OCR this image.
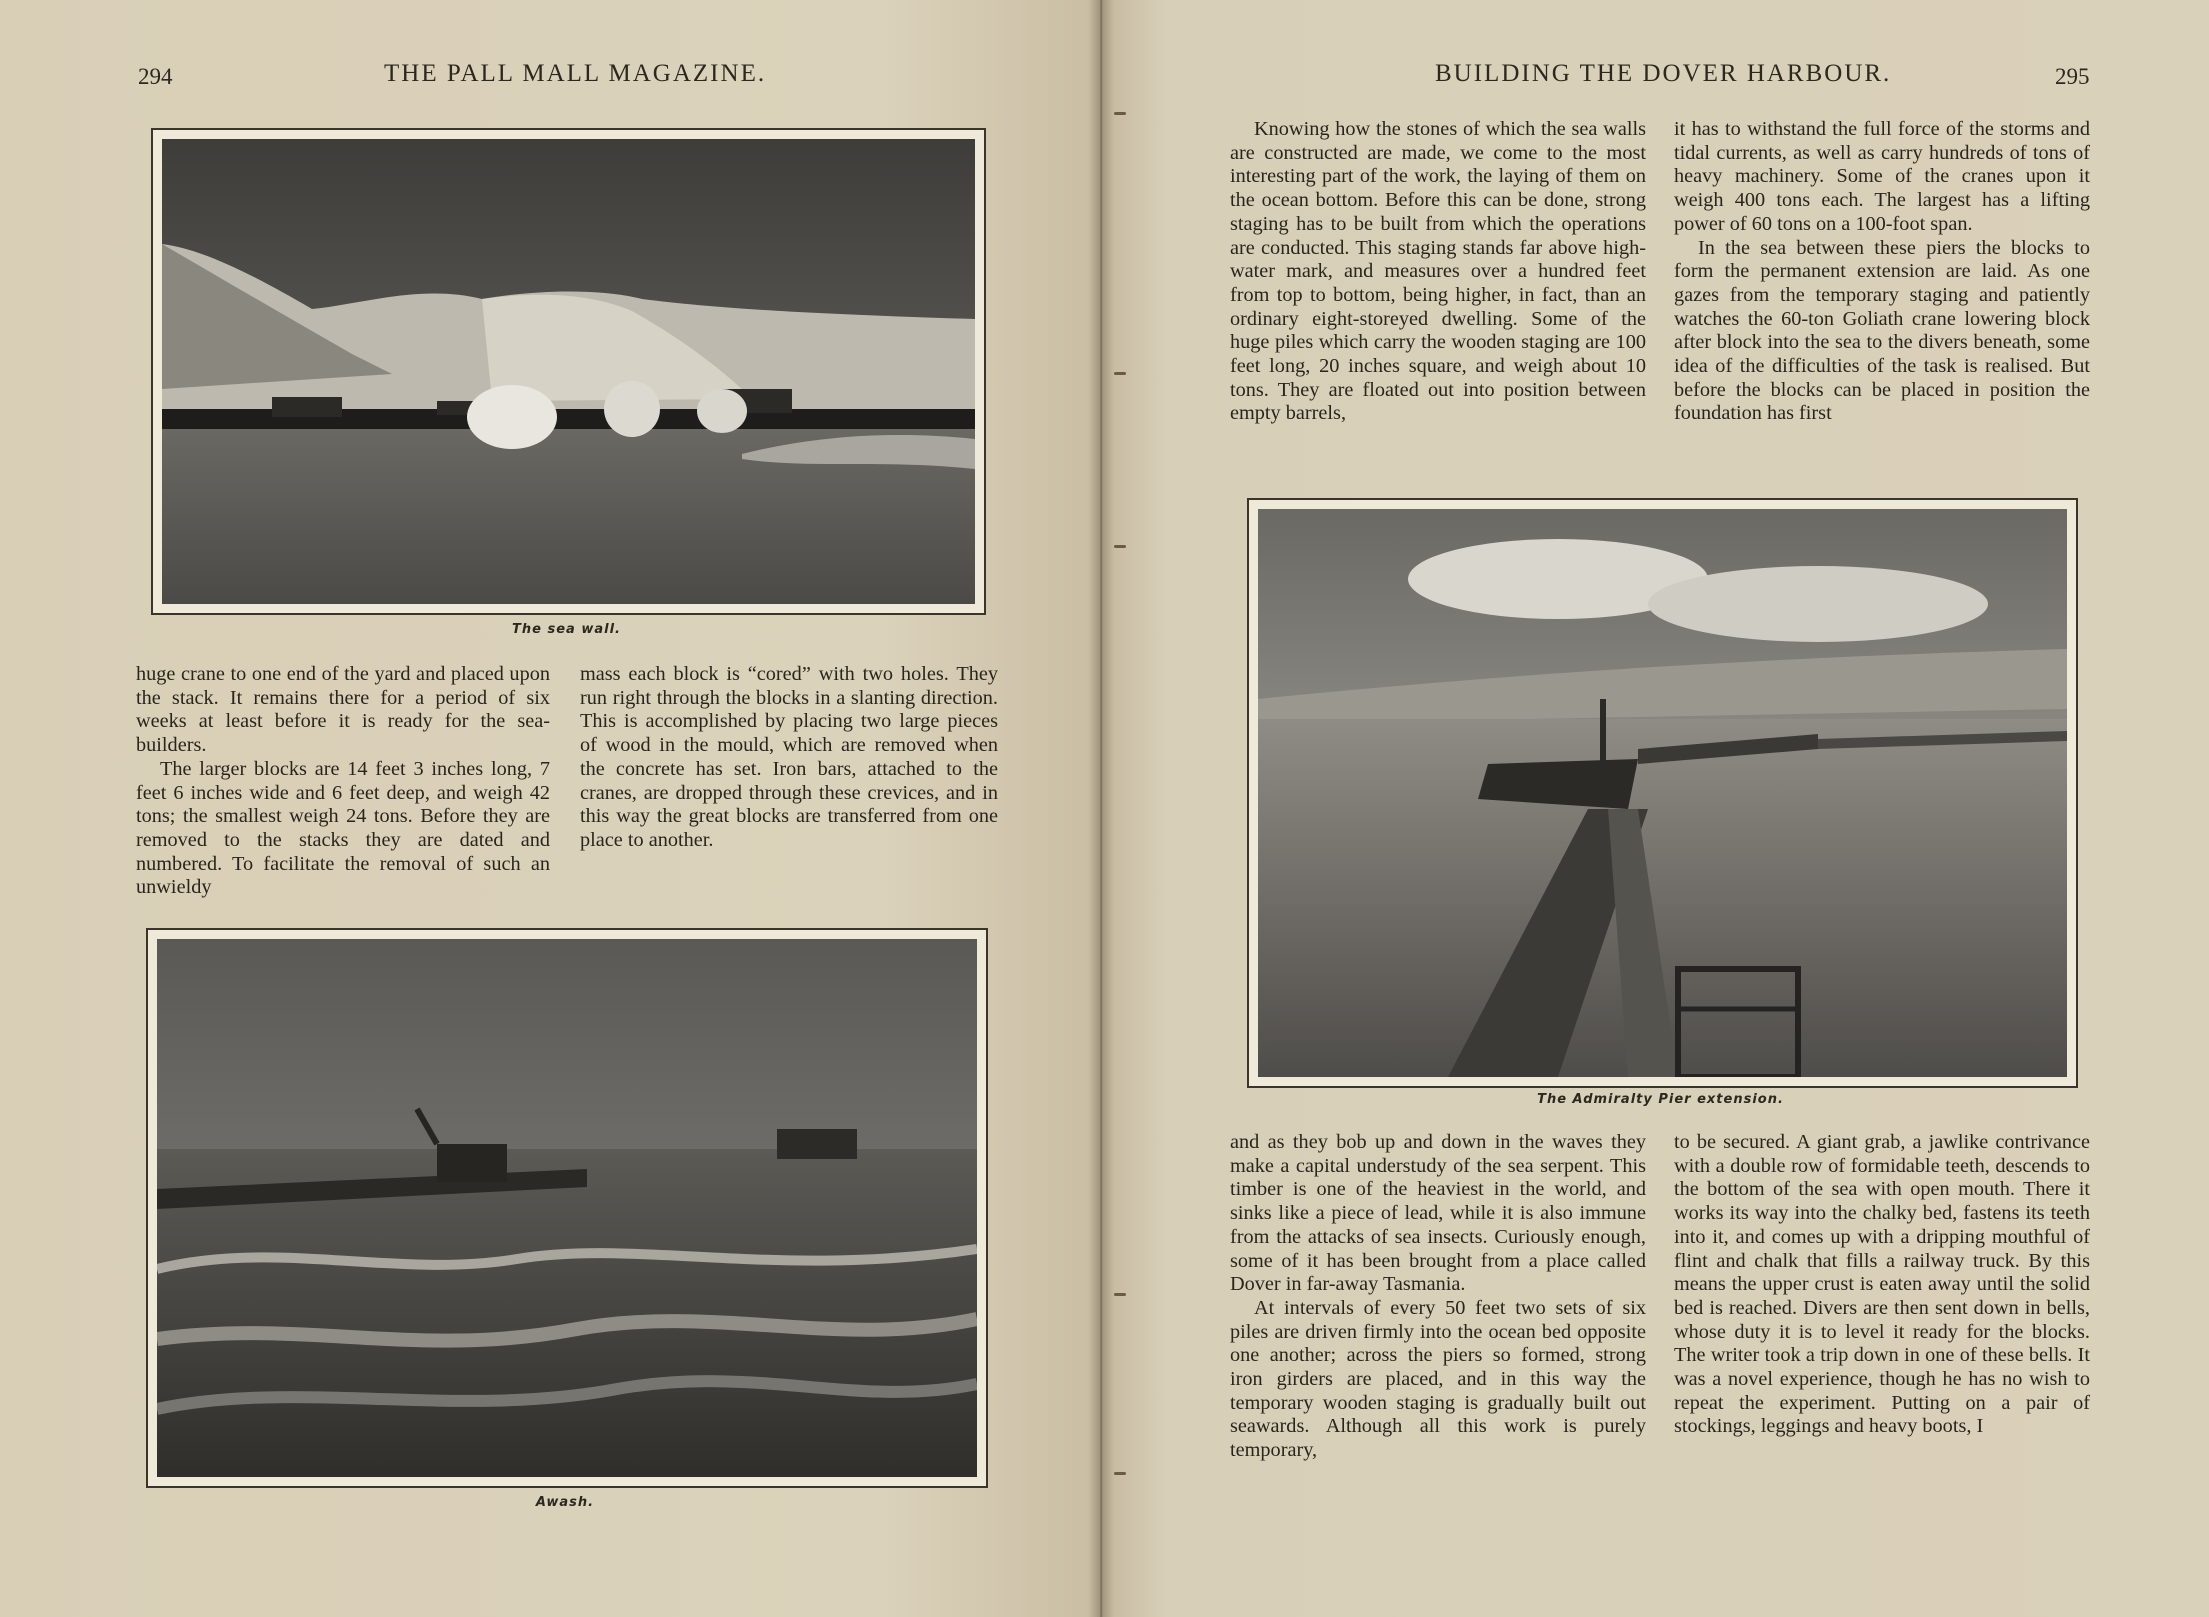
294	THE PALL MALL MAGAZINE.
The sea wall.

huge crane to one end of the yard and placed upon the stack. It remains there for a period of six weeks at least before it is ready for the sea-builders.

The larger blocks are 14 feet 3 inches long, 7 feet 6 inches wide and 6 feet deep, and weigh 42 tons; the smallest weigh 24 tons. Before they are removed to the stacks they are dated and numbered. To facilitate the removal of such an unwieldy

mass each block is “cored” with two holes. They run right through the blocks in a slanting direction. This is accomplished by placing two large pieces of wood in the mould, which are removed when the concrete has set. Iron bars, attached to the cranes, are dropped through these crevices, and in this way the great blocks are transferred from one place to another.

Awash.
BUILDING THE DOVER HARBOUR.	295

Knowing how the stones of which the sea walls are constructed are made, we come to the most interesting part of the work, the laying of them on the ocean bottom. Before this can be done, strong staging has to be built from which the operations are conducted. This staging stands far above high-water mark, and measures over a hundred feet from top to bottom, being higher, in fact, than an ordinary eight-storeyed dwelling. Some of the huge piles which carry the wooden staging are 100 feet long, 20 inches square, and weigh about 10 tons. They are floated out into position between empty barrels,

it has to withstand the full force of the storms and tidal currents, as well as carry hundreds of tons of heavy machinery. Some of the cranes upon it weigh 400 tons each. The largest has a lifting power of 60 tons on a 100-foot span.

In the sea between these piers the blocks to form the permanent extension are laid. As one gazes from the temporary staging and patiently watches the 60-ton Goliath crane lowering block after block into the sea to the divers beneath, some idea of the difficulties of the task is realised. But before the blocks can be placed in position the foundation has first

The Admiralty Pier extension.

and as they bob up and down in the waves they make a capital understudy of the sea serpent. This timber is one of the heaviest in the world, and sinks like a piece of lead, while it is also immune from the attacks of sea insects. Curiously enough, some of it has been brought from a place called Dover in far-away Tasmania.

At intervals of every 50 feet two sets of six piles are driven firmly into the ocean bed opposite one another; across the piers so formed, strong iron girders are placed, and in this way the temporary wooden staging is gradually built out seawards. Although all this work is purely temporary,

to be secured. A giant grab, a jawlike contrivance with a double row of formidable teeth, descends to the bottom of the sea with open mouth. There it works its way into the chalky bed, fastens its teeth into it, and comes up with a dripping mouthful of flint and chalk that fills a railway truck. By this means the upper crust is eaten away until the solid bed is reached. Divers are then sent down in bells, whose duty it is to level it ready for the blocks. The writer took a trip down in one of these bells. It was a novel experience, though he has no wish to repeat the experiment. Putting on a pair of stockings, leggings and heavy boots, I
